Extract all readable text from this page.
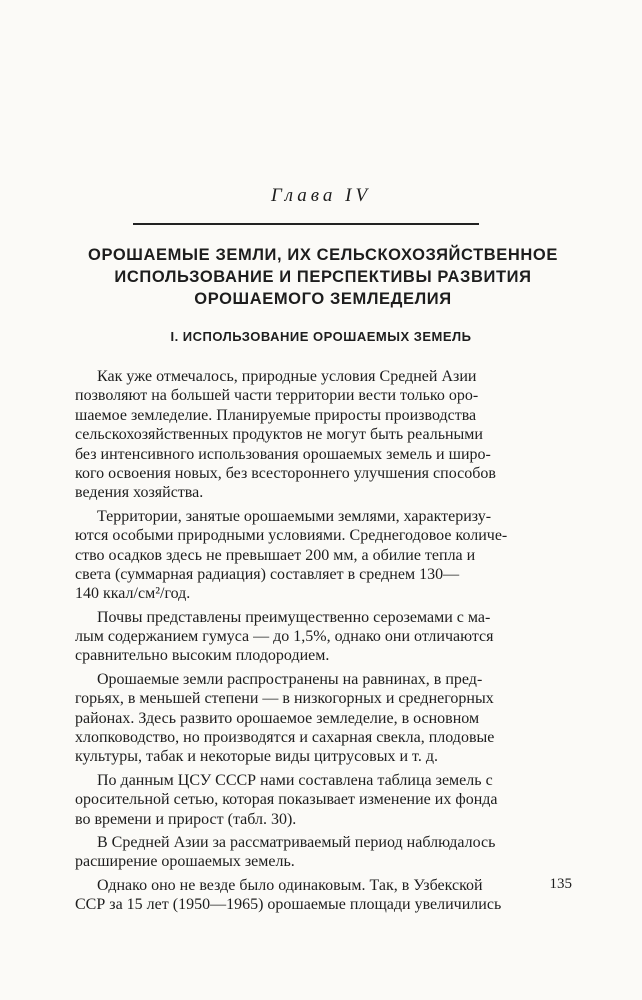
Глава IV
ОРОШАЕМЫЕ ЗЕМЛИ, ИХ СЕЛЬСКОХОЗЯЙСТВЕННОЕ
ИСПОЛЬЗОВАНИЕ И ПЕРСПЕКТИВЫ РАЗВИТИЯ
ОРОШАЕМОГО ЗЕМЛЕДЕЛИЯ
I. ИСПОЛЬЗОВАНИЕ ОРОШАЕМЫХ ЗЕМЕЛЬ
Как уже отмечалось, природные условия Средней Азии
позволяют на большей части территории вести только оро-
шаемое земледелие. Планируемые приросты производства
сельскохозяйственных продуктов не могут быть реальными
без интенсивного использования орошаемых земель и широ-
кого освоения новых, без всестороннего улучшения способов
ведения хозяйства.
Территории, занятые орошаемыми землями, характеризу-
ются особыми природными условиями. Среднегодовое количе-
ство осадков здесь не превышает 200 мм, а обилие тепла и
света (суммарная радиация) составляет в среднем 130—
140 ккал/см²/год.
Почвы представлены преимущественно сероземами с ма-
лым содержанием гумуса — до 1,5%, однако они отличаются
сравнительно высоким плодородием.
Орошаемые земли распространены на равнинах, в пред-
горьях, в меньшей степени — в низкогорных и среднегорных
районах. Здесь развито орошаемое земледелие, в основном
хлопководство, но производятся и сахарная свекла, плодовые
культуры, табак и некоторые виды цитрусовых и т. д.
По данным ЦСУ СССР нами составлена таблица земель с
оросительной сетью, которая показывает изменение их фонда
во времени и прирост (табл. 30).
В Средней Азии за рассматриваемый период наблюдалось
расширение орошаемых земель.
Однако оно не везде было одинаковым. Так, в Узбекской
ССР за 15 лет (1950—1965) орошаемые площади увеличились
135
